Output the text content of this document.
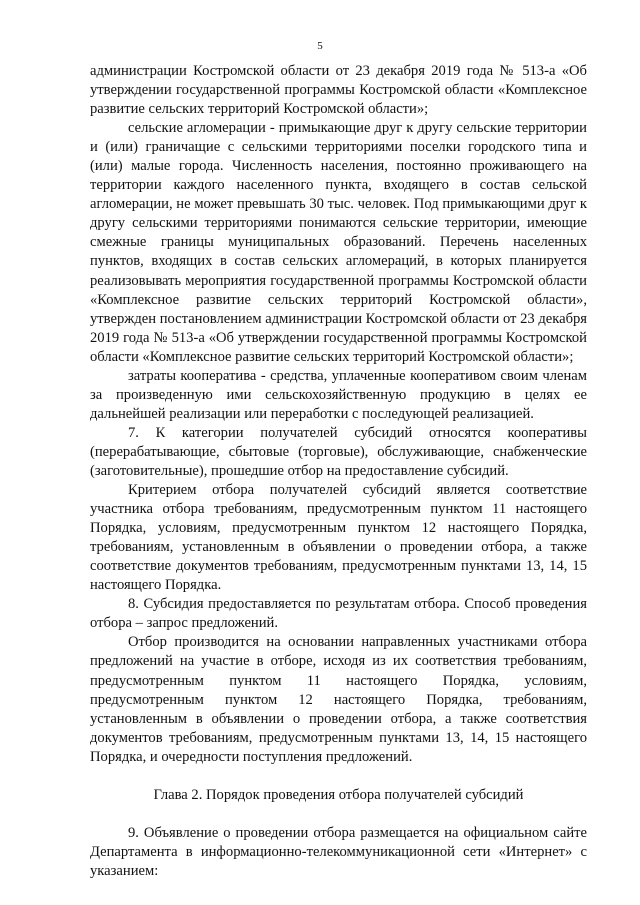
5

администрации Костромской области от 23 декабря 2019 года № 513-а «Об утверждении государственной программы Костромской области «Комплексное развитие сельских территорий Костромской области»;

сельские агломерации - примыкающие друг к другу сельские территории и (или) граничащие с сельскими территориями поселки городского типа и (или) малые города. Численность населения, постоянно проживающего на территории каждого населенного пункта, входящего в состав сельской агломерации, не может превышать 30 тыс. человек. Под примыкающими друг к другу сельскими территориями понимаются сельские территории, имеющие смежные границы муниципальных образований. Перечень населенных пунктов, входящих в состав сельских агломераций, в которых планируется реализовывать мероприятия государственной программы Костромской области «Комплексное развитие сельских территорий Костромской области», утвержден постановлением администрации Костромской области от 23 декабря 2019 года № 513-а «Об утверждении государственной программы Костромской области «Комплексное развитие сельских территорий Костромской области»;

затраты кооператива - средства, уплаченные кооперативом своим членам за произведенную ими сельскохозяйственную продукцию в целях ее дальнейшей реализации или переработки с последующей реализацией.

7. К категории получателей субсидий относятся кооперативы (перерабатывающие, сбытовые (торговые), обслуживающие, снабженческие (заготовительные), прошедшие отбор на предоставление субсидий.

Критерием отбора получателей субсидий является соответствие участника отбора требованиям, предусмотренным пунктом 11 настоящего Порядка, условиям, предусмотренным пунктом 12 настоящего Порядка, требованиям, установленным в объявлении о проведении отбора, а также соответствие документов требованиям, предусмотренным пунктами 13, 14, 15 настоящего Порядка.

8. Субсидия предоставляется по результатам отбора. Способ проведения отбора – запрос предложений.

Отбор производится на основании направленных участниками отбора предложений на участие в отборе, исходя из их соответствия требованиям, предусмотренным пунктом 11 настоящего Порядка, условиям, предусмотренным пунктом 12 настоящего Порядка, требованиям, установленным в объявлении о проведении отбора, а также соответствия документов требованиям, предусмотренным пунктами 13, 14, 15 настоящего Порядка, и очередности поступления предложений.

Глава 2. Порядок проведения отбора получателей субсидий

9. Объявление о проведении отбора размещается на официальном сайте Департамента в информационно-телекоммуникационной сети «Интернет» с указанием:
